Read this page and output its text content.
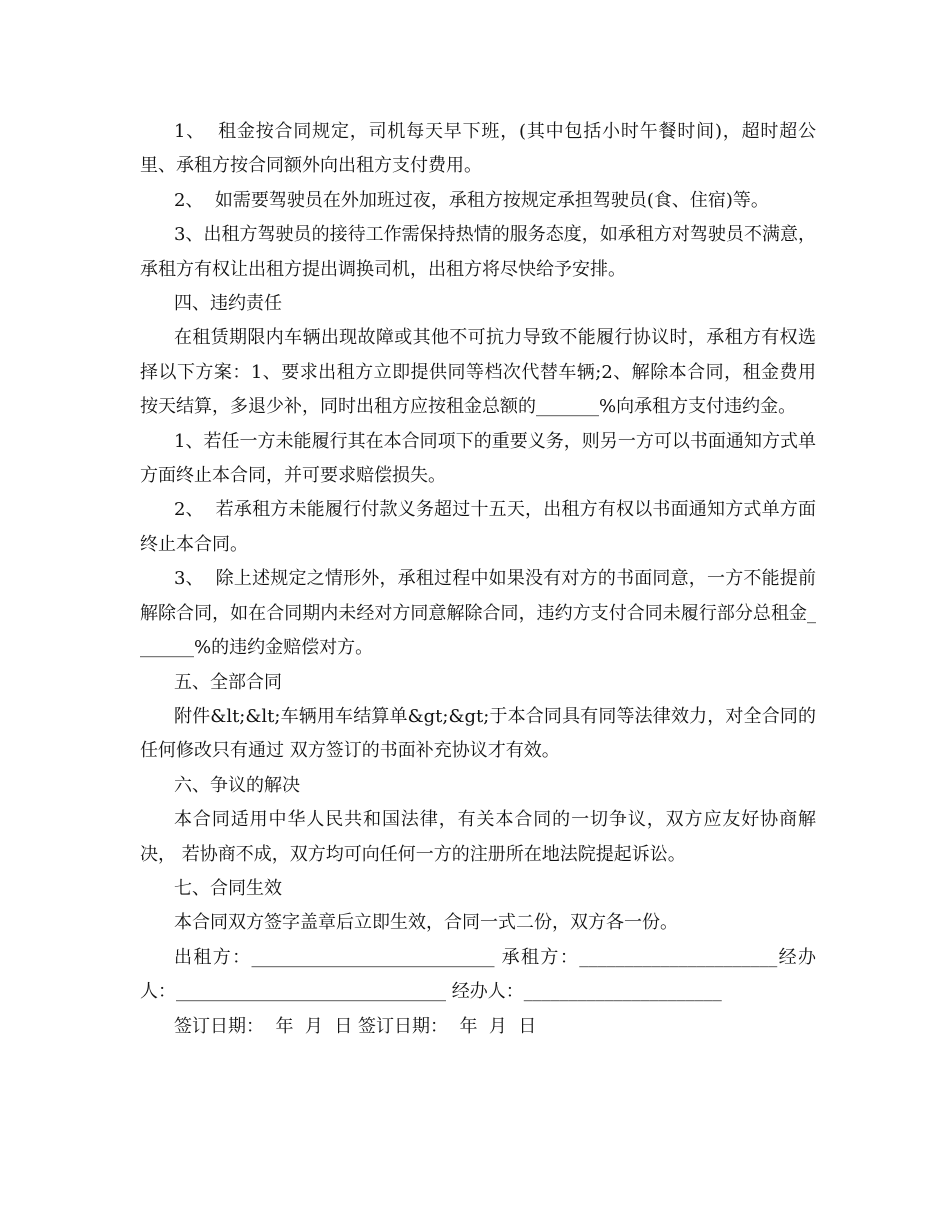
1、  租金按合同规定，司机每天早下班，(其中包括小时午餐时间)，超时超公里、承租方按合同额外向出租方支付费用。

2、  如需要驾驶员在外加班过夜，承租方按规定承担驾驶员(食、住宿)等。

3、出租方驾驶员的接待工作需保持热情的服务态度，如承租方对驾驶员不满意，承租方有权让出租方提出调换司机，出租方将尽快给予安排。

四、违约责任

在租赁期限内车辆出现故障或其他不可抗力导致不能履行协议时，承租方有权选择以下方案：1、要求出租方立即提供同等档次代替车辆;2、解除本合同，租金费用按天结算，多退少补，同时出租方应按租金总额的_______%向承租方支付违约金。

1、若任一方未能履行其在本合同项下的重要义务，则另一方可以书面通知方式单方面终止本合同，并可要求赔偿损失。

2、  若承租方未能履行付款义务超过十五天，出租方有权以书面通知方式单方面终止本合同。

3、  除上述规定之情形外，承租过程中如果没有对方的书面同意，一方不能提前解除合同，如在合同期内未经对方同意解除合同，违约方支付合同未履行部分总租金_______%的违约金赔偿对方。

五、全部合同

附件&lt;&lt;车辆用车结算单&gt;&gt;于本合同具有同等法律效力，对全合同的任何修改只有通过 双方签订的书面补充协议才有效。

六、争议的解决

本合同适用中华人民共和国法律，有关本合同的一切争议，双方应友好协商解决， 若协商不成，双方均可向任何一方的注册所在地法院提起诉讼。

七、合同生效

本合同双方签字盖章后立即生效，合同一式二份，双方各一份。

出租方：___________________________ 承租方：______________________经办人：______________________________ 经办人：______________________

签订日期：  年  月  日 签订日期：  年  月  日
